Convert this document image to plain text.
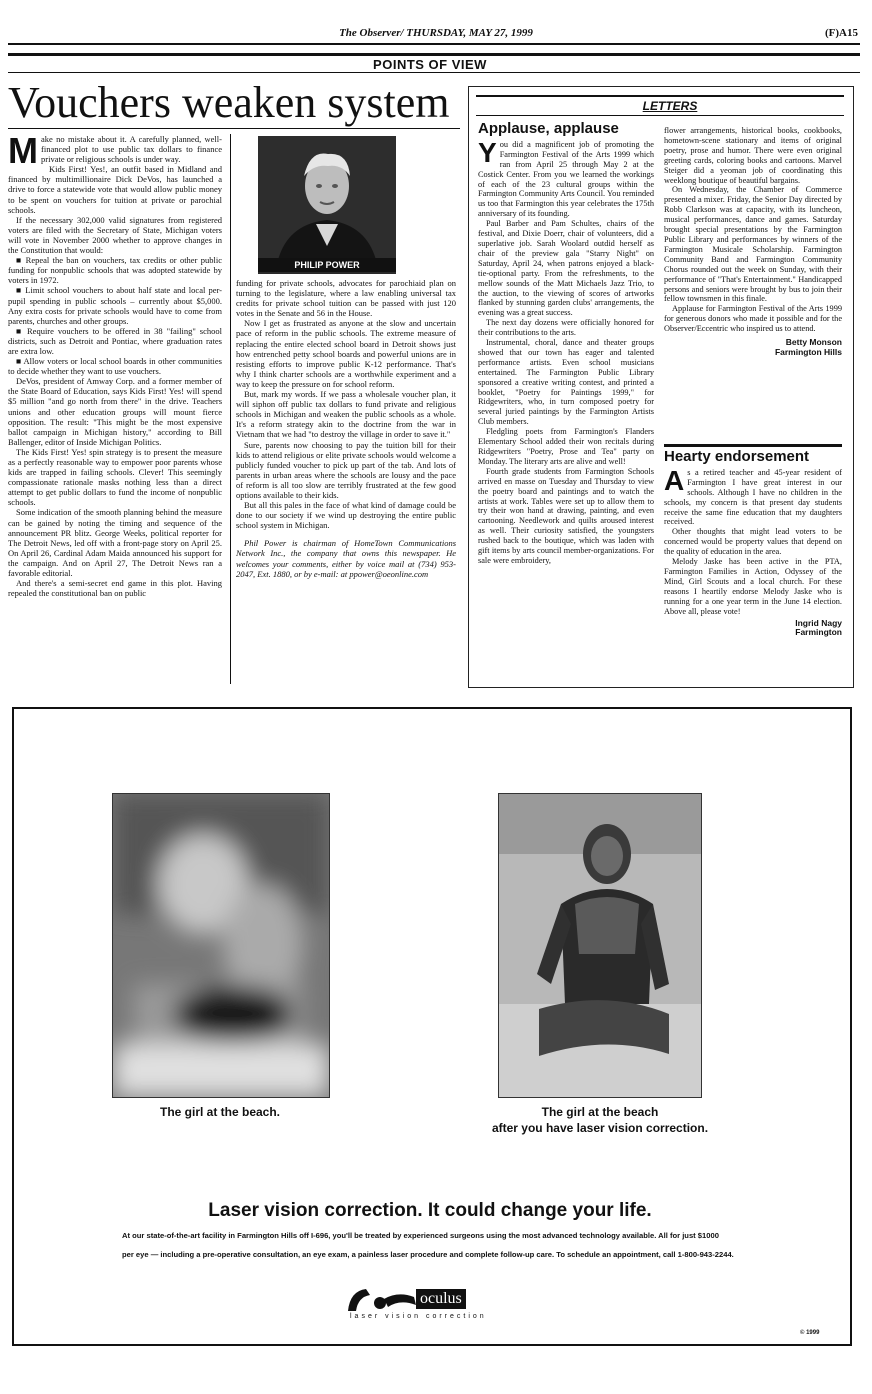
The Observer/ THURSDAY, MAY 27, 1999	(F)A15
POINTS OF VIEW
Vouchers weaken system
M ake no mistake about it. A carefully planned, well-financed plot to use public tax dollars to finance private or religious schools is under way.

Kids First! Yes!, an outfit based in Midland and financed by multimillionaire Dick DeVos, has launched a drive to force a statewide vote that would allow public money to be spent on vouchers for tuition at private or parochial schools.

If the necessary 302,000 valid signatures from registered voters are filed with the Secretary of State, Michigan voters will vote in November 2000 whether to approve changes in the Constitution that would:

■ Repeal the ban on vouchers, tax credits or other public funding for nonpublic schools that was adopted statewide by voters in 1972.

■ Limit school vouchers to about half state and local per-pupil spending in public schools – currently about $5,000. Any extra costs for private schools would have to come from parents, churches and other groups.

■ Require vouchers to be offered in 38 "failing" school districts, such as Detroit and Pontiac, where graduation rates are extra low.

■ Allow voters or local school boards in other communities to decide whether they want to use vouchers.

DeVos, president of Amway Corp. and a former member of the State Board of Education, says Kids First! Yes! will spend $5 million "and go north from there" in the drive. Teachers unions and other education groups will mount fierce opposition. The result: "This might be the most expensive ballot campaign in Michigan history," according to Bill Ballenger, editor of Inside Michigan Politics.

The Kids First! Yes! spin strategy is to present the measure as a perfectly reasonable way to empower poor parents whose kids are trapped in failing schools. Clever! This seemingly compassionate rationale masks nothing less than a direct attempt to get public dollars to fund the income of nonpublic schools.

Some indication of the smooth planning behind the measure can be gained by noting the timing and sequence of the announcement PR blitz. George Weeks, political reporter for The Detroit News, led off with a front-page story on April 25. On April 26, Cardinal Adam Maida announced his support for the campaign. And on April 27, The Detroit News ran a favorable editorial.

And there's a semi-secret end game in this plot. Having repealed the constitutional ban on public

PHILIP POWER

funding for private schools, advocates for parochiaid plan on turning to the legislature, where a law enabling universal tax credits for private school tuition can be passed with just 120 votes in the Senate and 56 in the House.

Now I get as frustrated as anyone at the slow and uncertain pace of reform in the public schools. The extreme measure of replacing the entire elected school board in Detroit shows just how entrenched petty school boards and powerful unions are in resisting efforts to improve public K-12 performance. That's why I think charter schools are a worthwhile experiment and a way to keep the pressure on for school reform.

But, mark my words. If we pass a wholesale voucher plan, it will siphon off public tax dollars to fund private and religious schools in Michigan and weaken the public schools as a whole. It's a reform strategy akin to the doctrine from the war in Vietnam that we had "to destroy the village in order to save it."

Sure, parents now choosing to pay the tuition bill for their kids to attend religious or elite private schools would welcome a publicly funded voucher to pick up part of the tab. And lots of parents in urban areas where the schools are lousy and the pace of reform is all too slow are terribly frustrated at the few good options available to their kids.

But all this pales in the face of what kind of damage could be done to our society if we wind up destroying the entire public school system in Michigan.

Phil Power is chairman of HomeTown Communications Network Inc., the company that owns this newspaper. He welcomes your comments, either by voice mail at (734) 953-2047, Ext. 1880, or by e-mail: at ppower@oeonline.com

LETTERS
Applause, applause
Y ou did a magnificent job of promoting the Farmington Festival of the Arts 1999 which ran from April 25 through May 2 at the Costick Center. From you we learned the workings of each of the 23 cultural groups within the Farmington Community Arts Council. You reminded us too that Farmington this year celebrates the 175th anniversary of its founding.

Paul Barber and Pam Schultes, chairs of the festival, and Dixie Doerr, chair of volunteers, did a superlative job. Sarah Woolard outdid herself as chair of the preview gala "Starry Night" on Saturday, April 24, when patrons enjoyed a black-tie-optional party. From the refreshments, to the mellow sounds of the Matt Michaels Jazz Trio, to the auction, to the viewing of scores of artworks flanked by stunning garden clubs' arrangements, the evening was a great success.

The next day dozens were officially honored for their contributions to the arts.

Instrumental, choral, dance and theater groups showed that our town has eager and talented performance artists. Even school musicians entertained. The Farmington Public Library sponsored a creative writing contest, and printed a booklet, "Poetry for Paintings 1999," for Ridgewriters, who, in turn composed poetry for several juried paintings by the Farmington Artists Club members.

Fledgling poets from Farmington's Flanders Elementary School added their won recitals during Ridgewriters "Poetry, Prose and Tea" party on Monday. The literary arts are alive and well!

Fourth grade students from Farmington Schools arrived en masse on Tuesday and Thursday to view the poetry board and paintings and to watch the artists at work. Tables were set up to allow them to try their won hand at drawing, painting, and even cartooning. Needlework and quilts aroused interest as well. Their curiosity satisfied, the youngsters rushed back to the boutique, which was laden with gift items by arts council member-organizations. For sale were embroidery,

flower arrangements, historical books, cookbooks, hometown-scene stationary and items of original poetry, prose and humor. There were even original greeting cards, coloring books and cartoons. Marvel Steiger did a yeoman job of coordinating this weeklong boutique of beautiful bargains.

On Wednesday, the Chamber of Commerce presented a mixer. Friday, the Senior Day directed by Robb Clarkson was at capacity, with its luncheon, musical performances, dance and games. Saturday brought special presentations by the Farmington Public Library and performances by winners of the Farmington Musicale Scholarship. Farmington Community Band and Farmington Community Chorus rounded out the week on Sunday, with their performance of "That's Entertainment." Handicapped persons and seniors were brought by bus to join their fellow townsmen in this finale.

Applause for Farmington Festival of the Arts 1999 for generous donors who made it possible and for the Observer/Eccentric who inspired us to attend.

Betty Monson
Farmington Hills
Hearty endorsement
A s a retired teacher and 45-year resident of Farmington I have great interest in our schools. Although I have no children in the schools, my concern is that present day students receive the same fine education that my daughters received.

Other thoughts that might lead voters to be concerned would be property values that depend on the quality of education in the area.

Melody Jaske has been active in the PTA, Farmington Families in Action, Odyssey of the Mind, Girl Scouts and a local church. For these reasons I heartily endorse Melody Jaske who is running for a one year term in the June 14 election. Above all, please vote!

Ingrid Nagy
Farmington
The girl at the beach.	The girl at the beach
after you have laser vision correction.
Laser vision correction. It could change your life.
At our state-of-the-art facility in Farmington Hills off I-696, you'll be treated by experienced surgeons using the most advanced technology available. All for just $1000
per eye — including a pre-operative consultation, an eye exam, a painless laser procedure and complete follow-up care. To schedule an appointment, call 1-800-943-2244.
oculus
laser vision correction
© 1999
